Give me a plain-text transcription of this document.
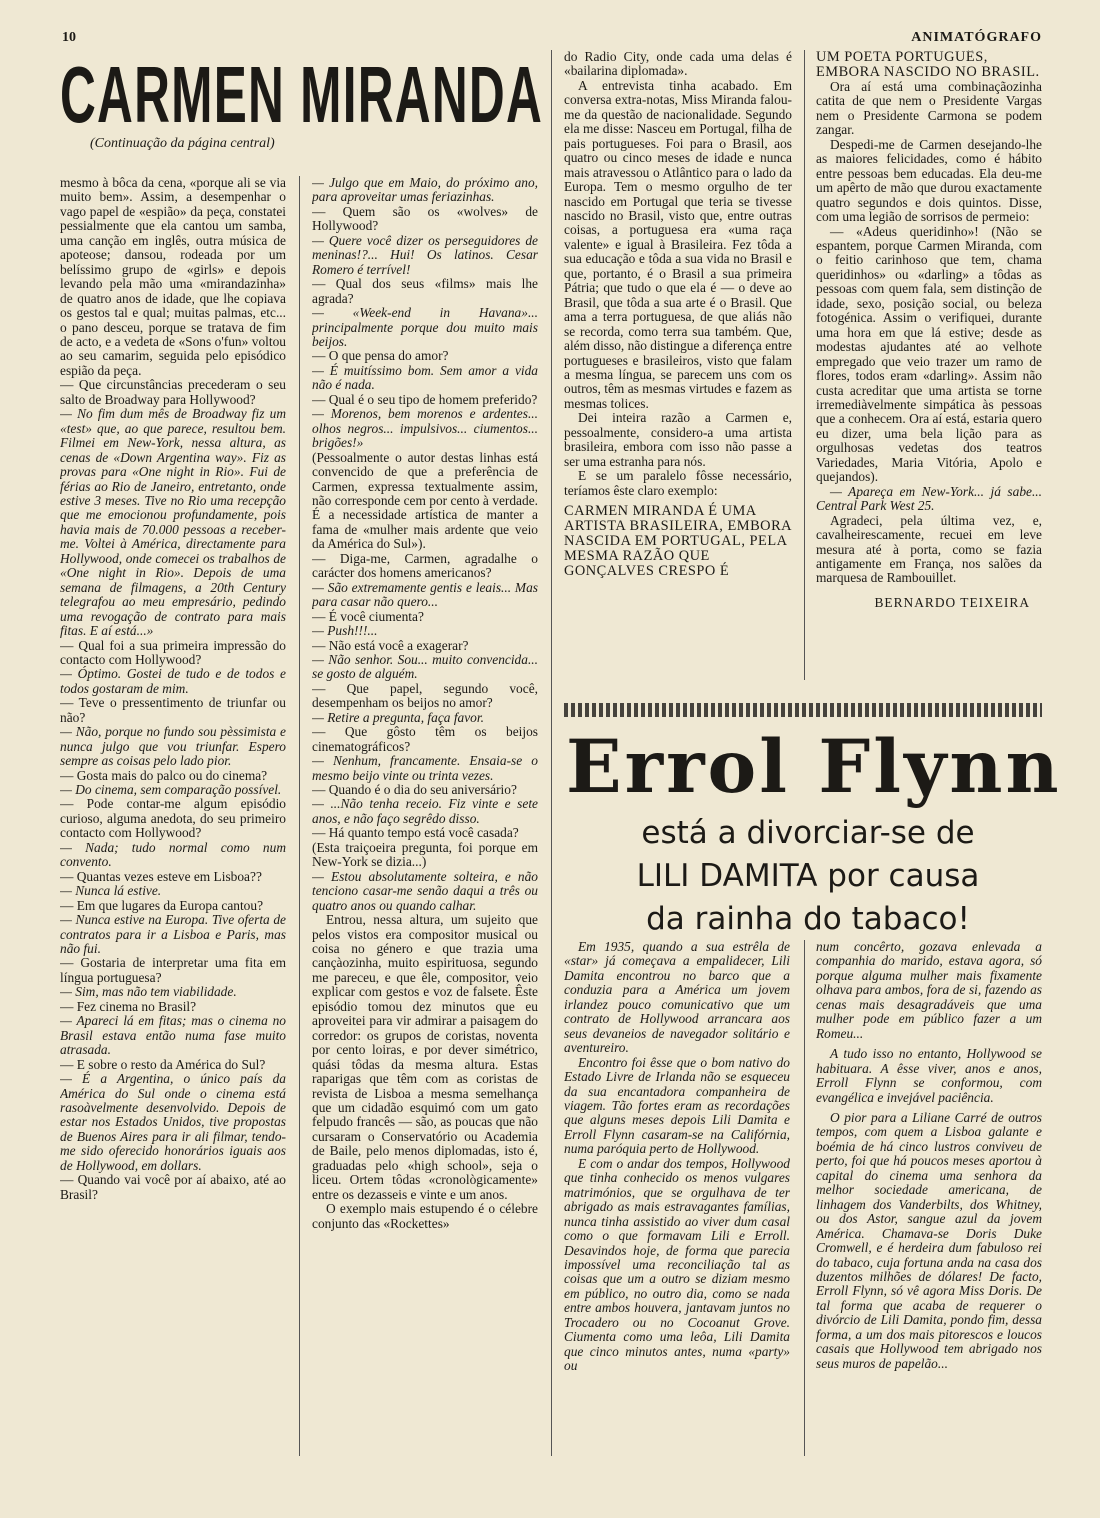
10	ANIMATÓGRAFO
CARMEN MIRANDA
(Continuação da página central)

mesmo à bôca da cena, «porque ali se via muito bem». Assim, a desempenhar o vago papel de «espião» da peça, constatei pessialmente que ela cantou um samba, uma canção em inglês, outra música de apoteose; dansou, rodeada por um belíssimo grupo de «girls» e depois levando pela mão uma «mirandazinha» de quatro anos de idade, que lhe copiava os gestos tal e qual; muitas palmas, etc... o pano desceu, porque se tratava de fim de acto, e a vedeta de «Sons o'fun» voltou ao seu camarim, seguida pelo episódico espião da peça.

— Que circunstâncias precederam o seu salto de Broadway para Hollywood?

— No fim dum mês de Broadway fiz um «test» que, ao que parece, resultou bem. Filmei em New-York, nessa altura, as cenas de «Down Argentina way». Fiz as provas para «One night in Rio». Fui de férias ao Rio de Janeiro, entretanto, onde estive 3 meses. Tive no Rio uma recepção que me emocionou profundamente, pois havia mais de 70.000 pessoas a receber-me. Voltei à América, directamente para Hollywood, onde comecei os trabalhos de «One night in Rio». Depois de uma semana de filmagens, a 20th Century telegrafou ao meu empresário, pedindo uma revogação de contrato para mais fitas. E aí está...»

— Qual foi a sua primeira impressão do contacto com Hollywood?

— Óptimo. Gostei de tudo e de todos e todos gostaram de mim.

— Teve o pressentimento de triunfar ou não?

— Não, porque no fundo sou pèssimista e nunca julgo que vou triunfar. Espero sempre as coisas pelo lado pior.

— Gosta mais do palco ou do cinema?

— Do cinema, sem comparação possível.

— Pode contar-me algum episódio curioso, alguma anedota, do seu primeiro contacto com Hollywood?

— Nada; tudo normal como num convento.

— Quantas vezes esteve em Lisboa??

— Nunca lá estive.

— Em que lugares da Europa cantou?

— Nunca estive na Europa. Tive oferta de contratos para ir a Lisboa e Paris, mas não fui.

— Gostaria de interpretar uma fita em língua portuguesa?

— Sim, mas não tem viabilidade.

— Fez cinema no Brasil?

— Apareci lá em fitas; mas o cinema no Brasil estava então numa fase muito atrasada.

— E sobre o resto da América do Sul?

— É a Argentina, o único país da América do Sul onde o cinema está rasoàvelmente desenvolvido. Depois de estar nos Estados Unidos, tive propostas de Buenos Aires para ir ali filmar, tendo-me sido oferecido honorários iguais aos de Hollywood, em dollars.

— Quando vai você por aí abaixo, até ao Brasil?

— Julgo que em Maio, do próximo ano, para aproveitar umas feriazinhas.

— Quem são os «wolves» de Hollywood?

— Quere você dizer os perseguidores de meninas!?... Hui! Os latinos. Cesar Romero é terrível!

— Qual dos seus «films» mais lhe agrada?

— «Week-end in Havana»... principalmente porque dou muito mais beijos.

— O que pensa do amor?

— É muitíssimo bom. Sem amor a vida não é nada.

— Qual é o seu tipo de homem preferido?

— Morenos, bem morenos e ardentes... olhos negros... impulsivos... ciumentos... brigões!»

(Pessoalmente o autor destas linhas está convencido de que a preferência de Carmen, expressa textualmente assim, não corresponde cem por cento à verdade. É a necessidade artística de manter a fama de «mulher mais ardente que veio da América do Sul»).

— Diga-me, Carmen, agradalhe o carácter dos homens americanos?

— São extremamente gentis e leais... Mas para casar não quero...

— É você ciumenta?

— Push!!!...

— Não está você a exagerar?

— Não senhor. Sou... muito convencida... se gosto de alguém.

— Que papel, segundo você, desempenham os beijos no amor?

— Retire a pregunta, faça favor.

— Que gôsto têm os beijos cinematográficos?

— Nenhum, francamente. Ensaia-se o mesmo beijo vinte ou trinta vezes.

— Quando é o dia do seu aniversário?

— ...Não tenha receio. Fiz vinte e sete anos, e não faço segrêdo disso.

— Há quanto tempo está você casada?

(Esta traiçoeira pregunta, foi porque em New-York se dizia...)

— Estou absolutamente solteira, e não tenciono casar-me senão daqui a três ou quatro anos ou quando calhar.

Entrou, nessa altura, um sujeito que pelos vistos era compositor musical ou coisa no género e que trazia uma cançàozinha, muito espirituosa, segundo me pareceu, e que êle, compositor, veio explicar com gestos e voz de falsete. Êste episódio tomou dez minutos que eu aproveitei para vir admirar a paisagem do corredor: os grupos de coristas, noventa por cento loiras, e por dever simétrico, quási tôdas da mesma altura. Estas raparigas que têm com as coristas de revista de Lisboa a mesma semelhança que um cidadão esquimó com um gato felpudo francês — são, as poucas que não cursaram o Conservatório ou Academia de Baile, pelo menos diplomadas, isto é, graduadas pelo «high school», seja o liceu. Ortem tôdas «cronològicamente» entre os dezasseis e vinte e um anos.

O exemplo mais estupendo é o célebre conjunto das «Rockettes»

do Radio City, onde cada uma delas é «bailarina diplomada».

A entrevista tinha acabado. Em conversa extra-notas, Miss Miranda falou-me da questão de nacionalidade. Segundo ela me disse: Nasceu em Portugal, filha de pais portugueses. Foi para o Brasil, aos quatro ou cinco meses de idade e nunca mais atravessou o Atlântico para o lado da Europa. Tem o mesmo orgulho de ter nascido em Portugal que teria se tivesse nascido no Brasil, visto que, entre outras coisas, a portuguesa era «uma raça valente» e igual à Brasileira. Fez tôda a sua educação e tôda a sua vida no Brasil e que, portanto, é o Brasil a sua primeira Pátria; que tudo o que ela é — o deve ao Brasil, que tôda a sua arte é o Brasil. Que ama a terra portuguesa, de que aliás não se recorda, como terra sua também. Que, além disso, não distingue a diferença entre portugueses e brasileiros, visto que falam a mesma língua, se parecem uns com os outros, têm as mesmas virtudes e fazem as mesmas tolices.

Dei inteira razão a Carmen e, pessoalmente, considero-a uma artista brasileira, embora com isso não passe a ser uma estranha para nós.

E se um paralelo fôsse necessário, teríamos êste claro exemplo:

CARMEN MIRANDA É UMA ARTISTA BRASILEIRA, EMBORA NASCIDA EM PORTUGAL, PELA MESMA RAZÃO QUE GONÇALVES CRESPO É

UM POETA PORTUGUÊS, EMBORA NASCIDO NO BRASIL.

Ora aí está uma combinaçãozinha catita de que nem o Presidente Vargas nem o Presidente Carmona se podem zangar.

Despedi-me de Carmen desejando-lhe as maiores felicidades, como é hábito entre pessoas bem educadas. Ela deu-me um apêrto de mão que durou exactamente quatro segundos e dois quintos. Disse, com uma legião de sorrisos de permeio:

— «Adeus queridinho»! (Não se espantem, porque Carmen Miranda, com o feitio carinhoso que tem, chama queridinhos» ou «darling» a tôdas as pessoas com quem fala, sem distinção de idade, sexo, posição social, ou beleza fotogénica. Assim o verifiquei, durante uma hora em que lá estive; desde as modestas ajudantes até ao velhote empregado que veio trazer um ramo de flores, todos eram «darling». Assim não custa acreditar que uma artista se torne irremediàvelmente simpática às pessoas que a conhecem. Ora aí está, estaria quero eu dizer, uma bela lição para as orgulhosas vedetas dos teatros Variedades, Maria Vitória, Apolo e quejandos).

— Apareça em New-York... já sabe... Central Park West 25.

Agradeci, pela última vez, e, cavalheirescamente, recuei em leve mesura até à porta, como se fazia antigamente em França, nos salões da marquesa de Rambouillet.

BERNARDO TEIXEIRA

Errol Flynn
está a divorciar-se de
LILI DAMITA por causa
da rainha do tabaco!

Em 1935, quando a sua estrêla de «star» já começava a empalidecer, Lili Damita encontrou no barco que a conduzia para a América um jovem irlandez pouco comunicativo que um contrato de Hollywood arrancara aos seus devaneios de navegador solitário e aventureiro.

Encontro foi êsse que o bom nativo do Estado Livre de Irlanda não se esqueceu da sua encantadora companheira de viagem. Tão fortes eram as recordações que alguns meses depois Lili Damita e Erroll Flynn casaram-se na Califórnia, numa paróquia perto de Hollywood.

E com o andar dos tempos, Hollywood que tinha conhecido os menos vulgares matrimónios, que se orgulhava de ter abrigado as mais estravagantes famílias, nunca tinha assistido ao viver dum casal como o que formavam Lili e Erroll. Desavindos hoje, de forma que parecia impossível uma reconciliação tal as coisas que um a outro se diziam mesmo em público, no outro dia, como se nada entre ambos houvera, jantavam juntos no Trocadero ou no Cocoanut Grove. Ciumenta como uma leôa, Lili Damita que cinco minutos antes, numa «party» ou

num concêrto, gozava enlevada a companhia do marido, estava agora, só porque alguma mulher mais fixamente olhava para ambos, fora de si, fazendo as cenas mais desagradáveis que uma mulher pode em público fazer a um Romeu...

A tudo isso no entanto, Hollywood se habituara. A êsse viver, anos e anos, Erroll Flynn se conformou, com evangélica e invejável paciência.

O pior para a Liliane Carré de outros tempos, com quem a Lisboa galante e boémia de há cinco lustros conviveu de perto, foi que há poucos meses aportou à capital do cinema uma senhora da melhor sociedade americana, de linhagem dos Vanderbilts, dos Whitney, ou dos Astor, sangue azul da jovem América. Chamava-se Doris Duke Cromwell, e é herdeira dum fabuloso rei do tabaco, cuja fortuna anda na casa dos duzentos milhões de dólares! De facto, Erroll Flynn, só vê agora Miss Doris. De tal forma que acaba de requerer o divórcio de Lili Damita, pondo fim, dessa forma, a um dos mais pitorescos e loucos casais que Hollywood tem abrigado nos seus muros de papelão...
